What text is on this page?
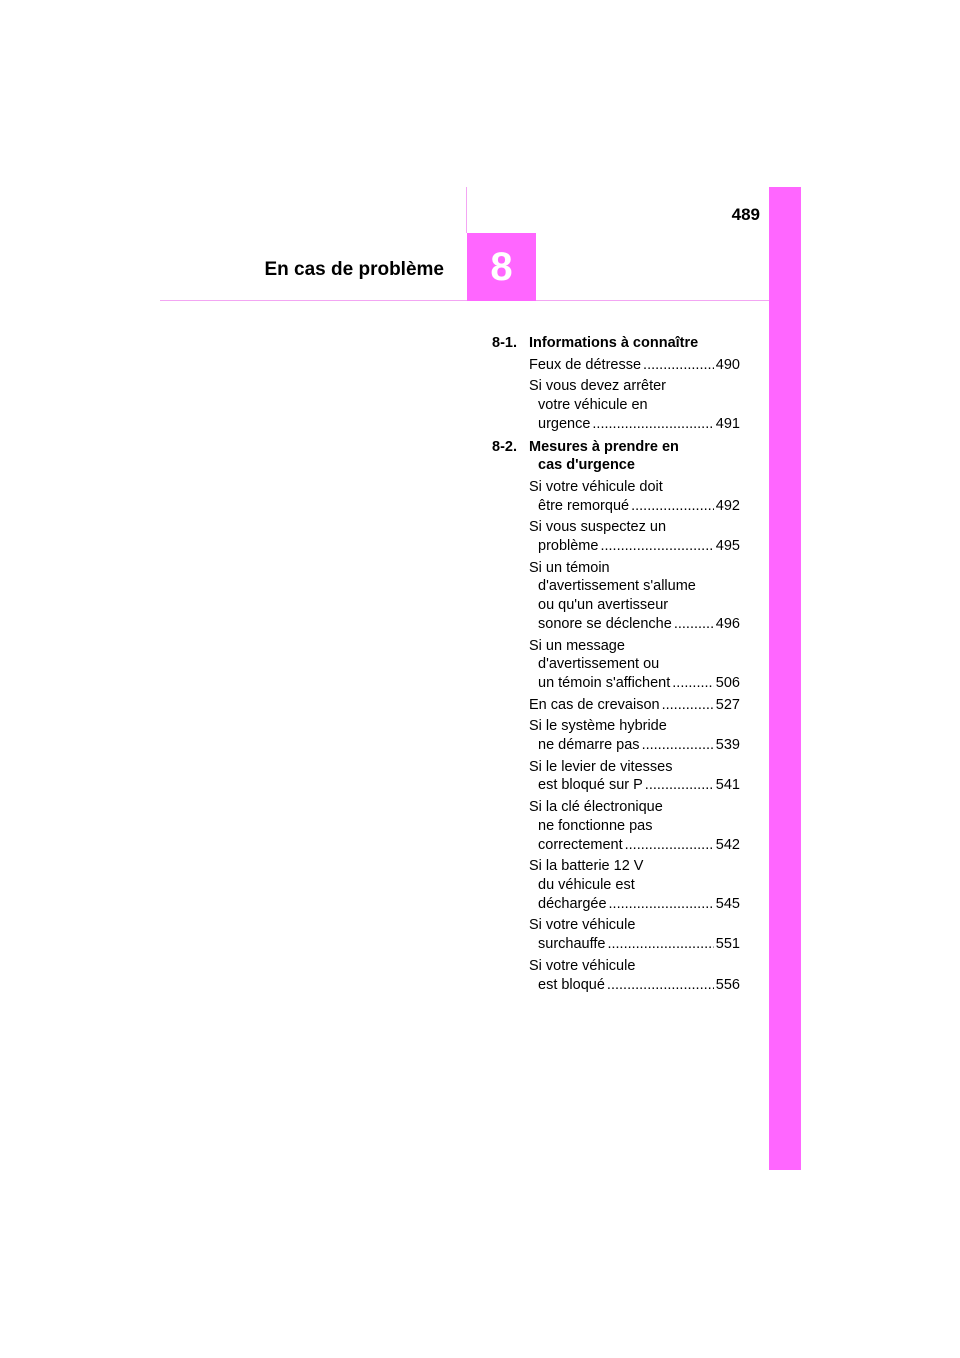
489
En cas de problème 8
8-1. Informations à connaître
Feux de détresse .....	490
Si vous devez arrêter
votre véhicule en
urgence .....	491
8-2. Mesures à prendre en
cas d'urgence
Si votre véhicule doit
être remorqué .....	492
Si vous suspectez un
problème .....	495
Si un témoin
d'avertissement s'allume
ou qu'un avertisseur
sonore se déclenche .....	496
Si un message
d'avertissement ou
un témoin s'affichent .....	506
En cas de crevaison .....	527
Si le système hybride
ne démarre pas .....	539
Si le levier de vitesses
est bloqué sur P .....	541
Si la clé électronique
ne fonctionne pas
correctement .....	542
Si la batterie 12 V
du véhicule est
déchargée .....	545
Si votre véhicule
surchauffe .....	551
Si votre véhicule
est bloqué .....	556
